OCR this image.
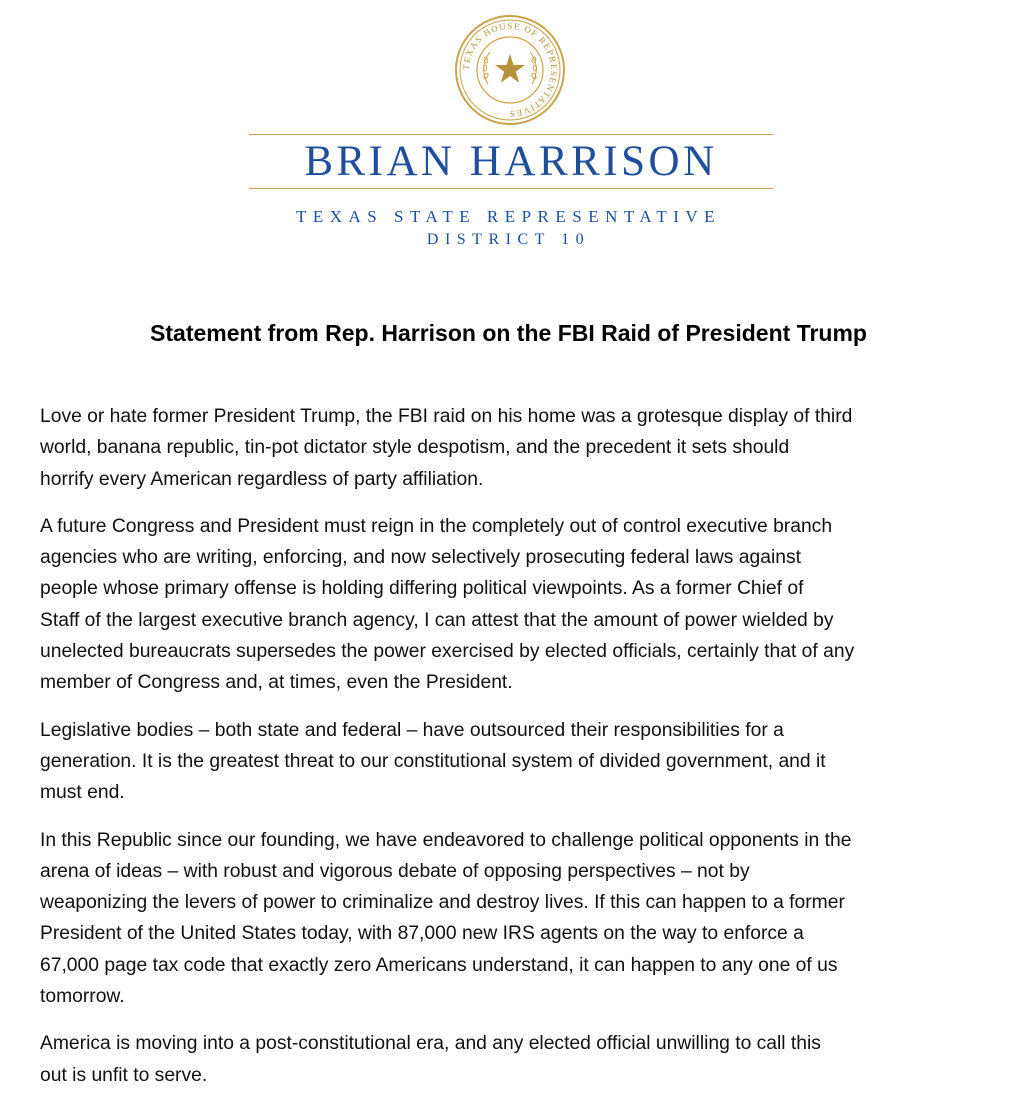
TEXAS HOUSE OF REPRESENTATIVES
BRIAN HARRISON
TEXAS STATE REPRESENTATIVE
DISTRICT 10
Statement from Rep. Harrison on the FBI Raid of President Trump

Love or hate former President Trump, the FBI raid on his home was a grotesque display of third
world, banana republic, tin-pot dictator style despotism, and the precedent it sets should
horrify every American regardless of party affiliation.

A future Congress and President must reign in the completely out of control executive branch
agencies who are writing, enforcing, and now selectively prosecuting federal laws against
people whose primary offense is holding differing political viewpoints. As a former Chief of
Staff of the largest executive branch agency, I can attest that the amount of power wielded by
unelected bureaucrats supersedes the power exercised by elected officials, certainly that of any
member of Congress and, at times, even the President.

Legislative bodies – both state and federal – have outsourced their responsibilities for a
generation. It is the greatest threat to our constitutional system of divided government, and it
must end.

In this Republic since our founding, we have endeavored to challenge political opponents in the
arena of ideas – with robust and vigorous debate of opposing perspectives – not by
weaponizing the levers of power to criminalize and destroy lives. If this can happen to a former
President of the United States today, with 87,000 new IRS agents on the way to enforce a
67,000 page tax code that exactly zero Americans understand, it can happen to any one of us
tomorrow.

America is moving into a post-constitutional era, and any elected official unwilling to call this
out is unfit to serve.
